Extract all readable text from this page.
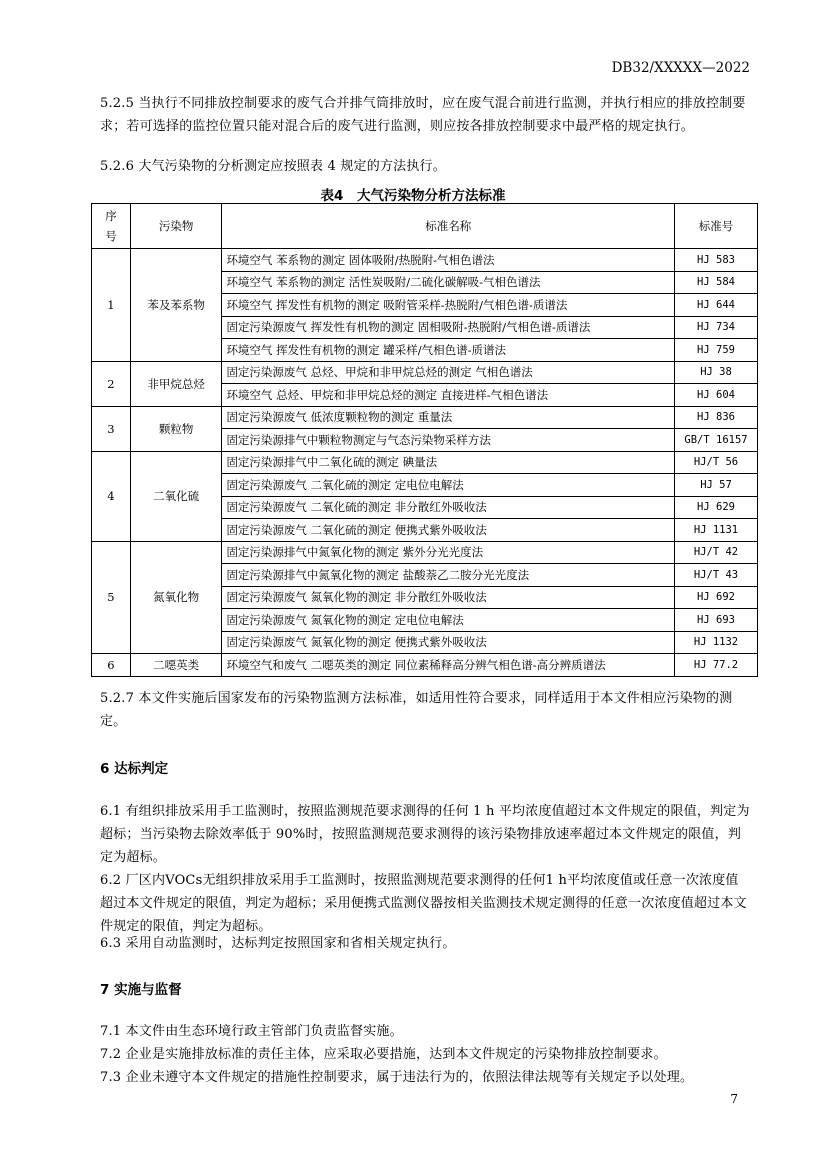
DB32/XXXXX—2022

5.2.5 当执行不同排放控制要求的废气合并排气筒排放时，应在废气混合前进行监测，并执行相应的排放控制要求；若可选择的监控位置只能对混合后的废气进行监测，则应按各排放控制要求中最严格的规定执行。

5.2.6 大气污染物的分析测定应按照表 4 规定的方法执行。

表4　大气污染物分析方法标准
序号	污染物	标准名称	标准号
1	苯及苯系物	环境空气 苯系物的测定 固体吸附/热脱附-气相色谱法	HJ 583
		环境空气 苯系物的测定 活性炭吸附/二硫化碳解吸-气相色谱法	HJ 584
		环境空气 挥发性有机物的测定 吸附管采样-热脱附/气相色谱-质谱法	HJ 644
		固定污染源废气 挥发性有机物的测定 固相吸附-热脱附/气相色谱-质谱法	HJ 734
		环境空气 挥发性有机物的测定 罐采样/气相色谱-质谱法	HJ 759
2	非甲烷总烃	固定污染源废气 总烃、甲烷和非甲烷总烃的测定 气相色谱法	HJ 38
		环境空气 总烃、甲烷和非甲烷总烃的测定 直接进样-气相色谱法	HJ 604
3	颗粒物	固定污染源废气 低浓度颗粒物的测定 重量法	HJ 836
		固定污染源排气中颗粒物测定与气态污染物采样方法	GB/T 16157
4	二氧化硫	固定污染源排气中二氧化硫的测定 碘量法	HJ/T 56
		固定污染源废气 二氧化硫的测定 定电位电解法	HJ 57
		固定污染源废气 二氧化硫的测定 非分散红外吸收法	HJ 629
		固定污染源废气 二氧化硫的测定 便携式紫外吸收法	HJ 1131
5	氮氧化物	固定污染源排气中氮氧化物的测定 紫外分光光度法	HJ/T 42
		固定污染源排气中氮氧化物的测定 盐酸萘乙二胺分光光度法	HJ/T 43
		固定污染源废气 氮氧化物的测定 非分散红外吸收法	HJ 692
		固定污染源废气 氮氧化物的测定 定电位电解法	HJ 693
		固定污染源废气 氮氧化物的测定 便携式紫外吸收法	HJ 1132
6	二噁英类	环境空气和废气 二噁英类的测定 同位素稀释高分辨气相色谱-高分辨质谱法	HJ 77.2

5.2.7 本文件实施后国家发布的污染物监测方法标准，如适用性符合要求，同样适用于本文件相应污染物的测定。

6 达标判定

6.1 有组织排放采用手工监测时，按照监测规范要求测得的任何 1 h 平均浓度值超过本文件规定的限值，判定为超标；当污染物去除效率低于 90%时，按照监测规范要求测得的该污染物排放速率超过本文件规定的限值，判定为超标。

6.2 厂区内VOCs无组织排放采用手工监测时，按照监测规范要求测得的任何1 h平均浓度值或任意一次浓度值超过本文件规定的限值，判定为超标；采用便携式监测仪器按相关监测技术规定测得的任意一次浓度值超过本文件规定的限值，判定为超标。

6.3 采用自动监测时，达标判定按照国家和省相关规定执行。

7 实施与监督

7.1 本文件由生态环境行政主管部门负责监督实施。

7.2 企业是实施排放标准的责任主体，应采取必要措施，达到本文件规定的污染物排放控制要求。

7.3 企业未遵守本文件规定的措施性控制要求，属于违法行为的，依照法律法规等有关规定予以处理。

7
